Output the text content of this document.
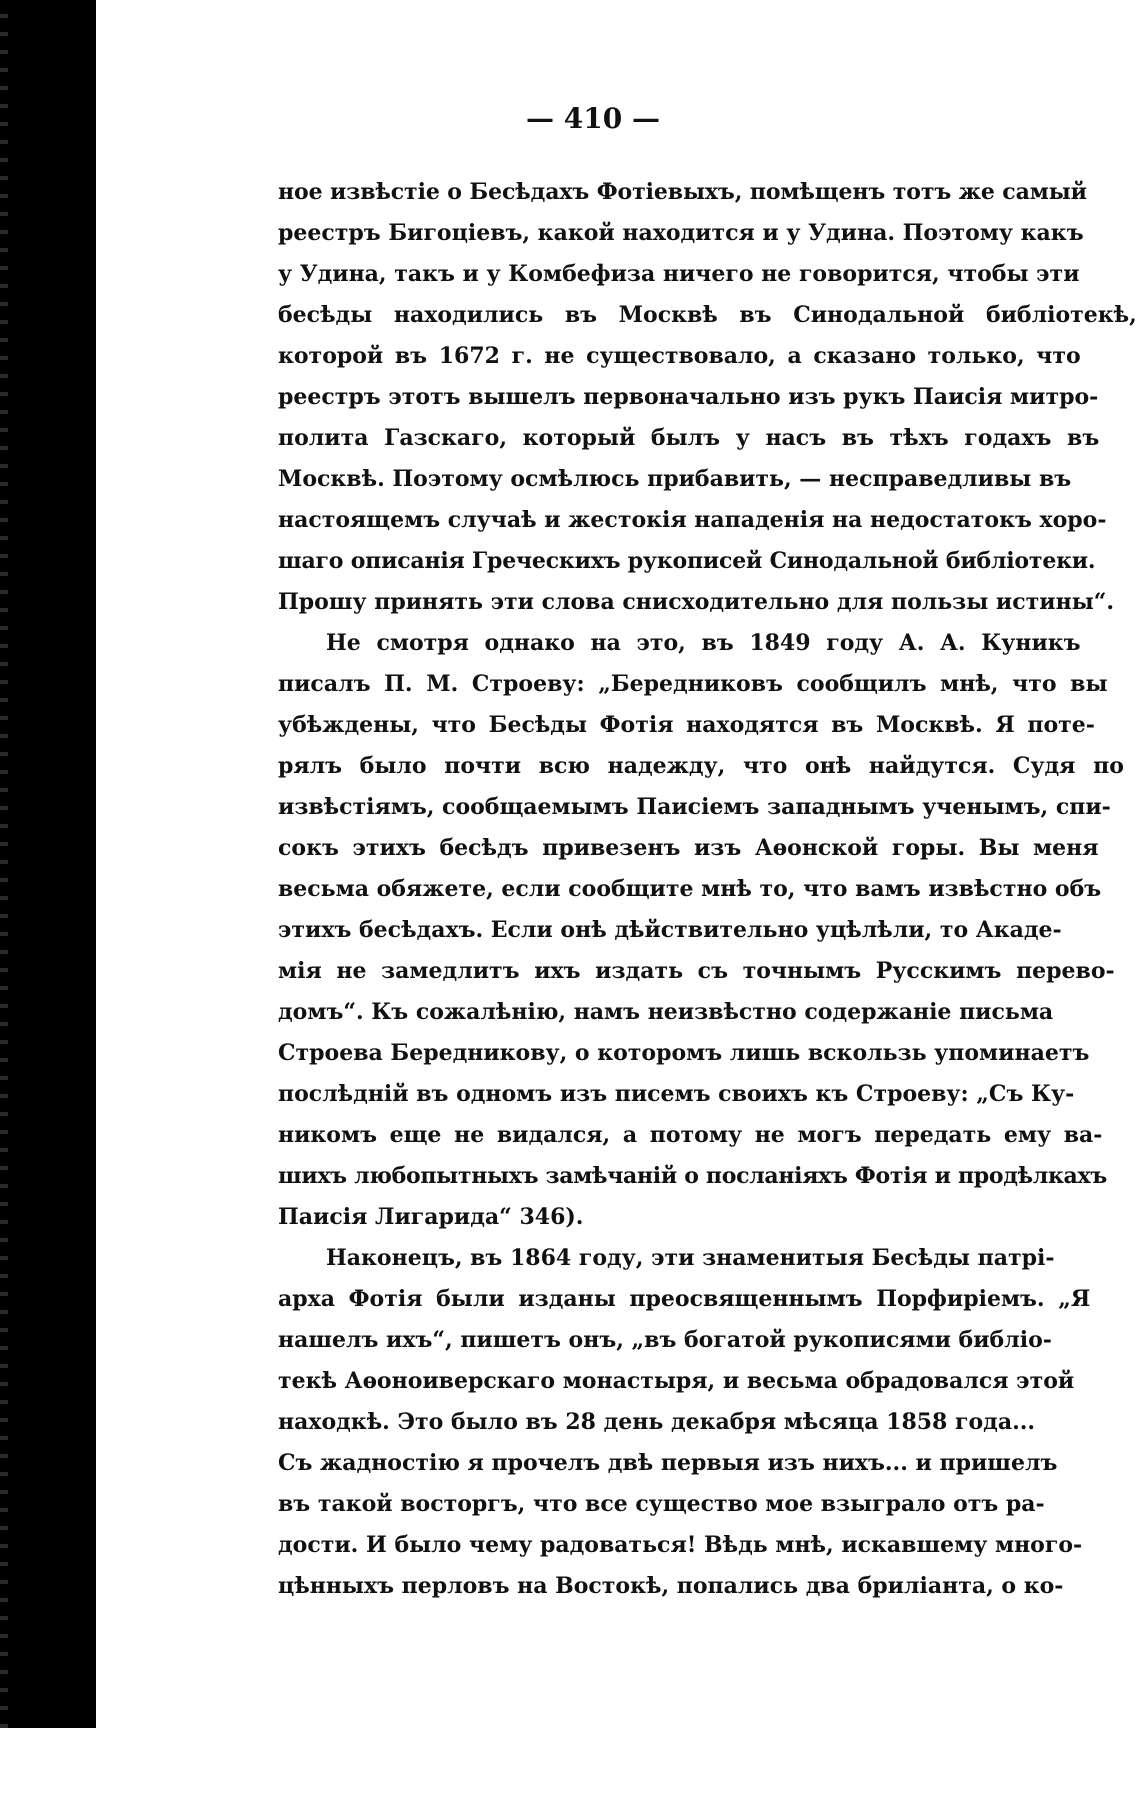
— 410 —
ное извѣстіе о Бесѣдахъ Фотіевыхъ, помѣщенъ тотъ же самый
реестръ Бигоціевъ, какой находится и у Удина. Поэтому какъ
у Удина, такъ и у Комбефиза ничего не говорится, чтобы эти
бесѣды находились въ Москвѣ въ Синодальной библіотекѣ,
которой въ 1672 г. не существовало, а сказано только, что
реестръ этотъ вышелъ первоначально изъ рукъ Паисія митро-
полита Газскаго, который былъ у насъ въ тѣхъ годахъ въ
Москвѣ. Поэтому осмѣлюсь прибавить, — несправедливы въ
настоящемъ случаѣ и жестокія нападенія на недостатокъ хоро-
шаго описанія Греческихъ рукописей Синодальной библіотеки.
Прошу принять эти слова снисходительно для пользы истины“.
Не смотря однако на это, въ 1849 году А. А. Куникъ
писалъ П. М. Строеву: „Бередниковъ сообщилъ мнѣ, что вы
убѣждены, что Бесѣды Фотія находятся въ Москвѣ. Я поте-
рялъ было почти всю надежду, что онѣ найдутся. Судя по
извѣстіямъ, сообщаемымъ Паисіемъ западнымъ ученымъ, спи-
сокъ этихъ бесѣдъ привезенъ изъ Аѳонской горы. Вы меня
весьма обяжете, если сообщите мнѣ то, что вамъ извѣстно объ
этихъ бесѣдахъ. Если онѣ дѣйствительно уцѣлѣли, то Акаде-
мія не замедлитъ ихъ издать съ точнымъ Русскимъ перево-
домъ“. Къ сожалѣнію, намъ неизвѣстно содержаніе письма
Строева Бередникову, о которомъ лишь вскользь упоминаетъ
послѣдній въ одномъ изъ писемъ своихъ къ Строеву: „Съ Ку-
никомъ еще не видался, а потому не могъ передать ему ва-
шихъ любопытныхъ замѣчаній о посланіяхъ Фотія и продѣлкахъ
Паисія Лигарида“ 346).
Наконецъ, въ 1864 году, эти знаменитыя Бесѣды патрі-
арха Фотія были изданы преосвященнымъ Порфиріемъ. „Я
нашелъ ихъ“, пишетъ онъ, „въ богатой рукописями библіо-
текѣ Аѳоноиверскаго монастыря, и весьма обрадовался этой
находкѣ. Это было въ 28 день декабря мѣсяца 1858 года...
Съ жадностію я прочелъ двѣ первыя изъ нихъ... и пришелъ
въ такой восторгъ, что все существо мое взыграло отъ ра-
дости. И было чему радоваться! Вѣдь мнѣ, искавшему много-
цѣнныхъ перловъ на Востокѣ, попались два бриліанта, о ко-
